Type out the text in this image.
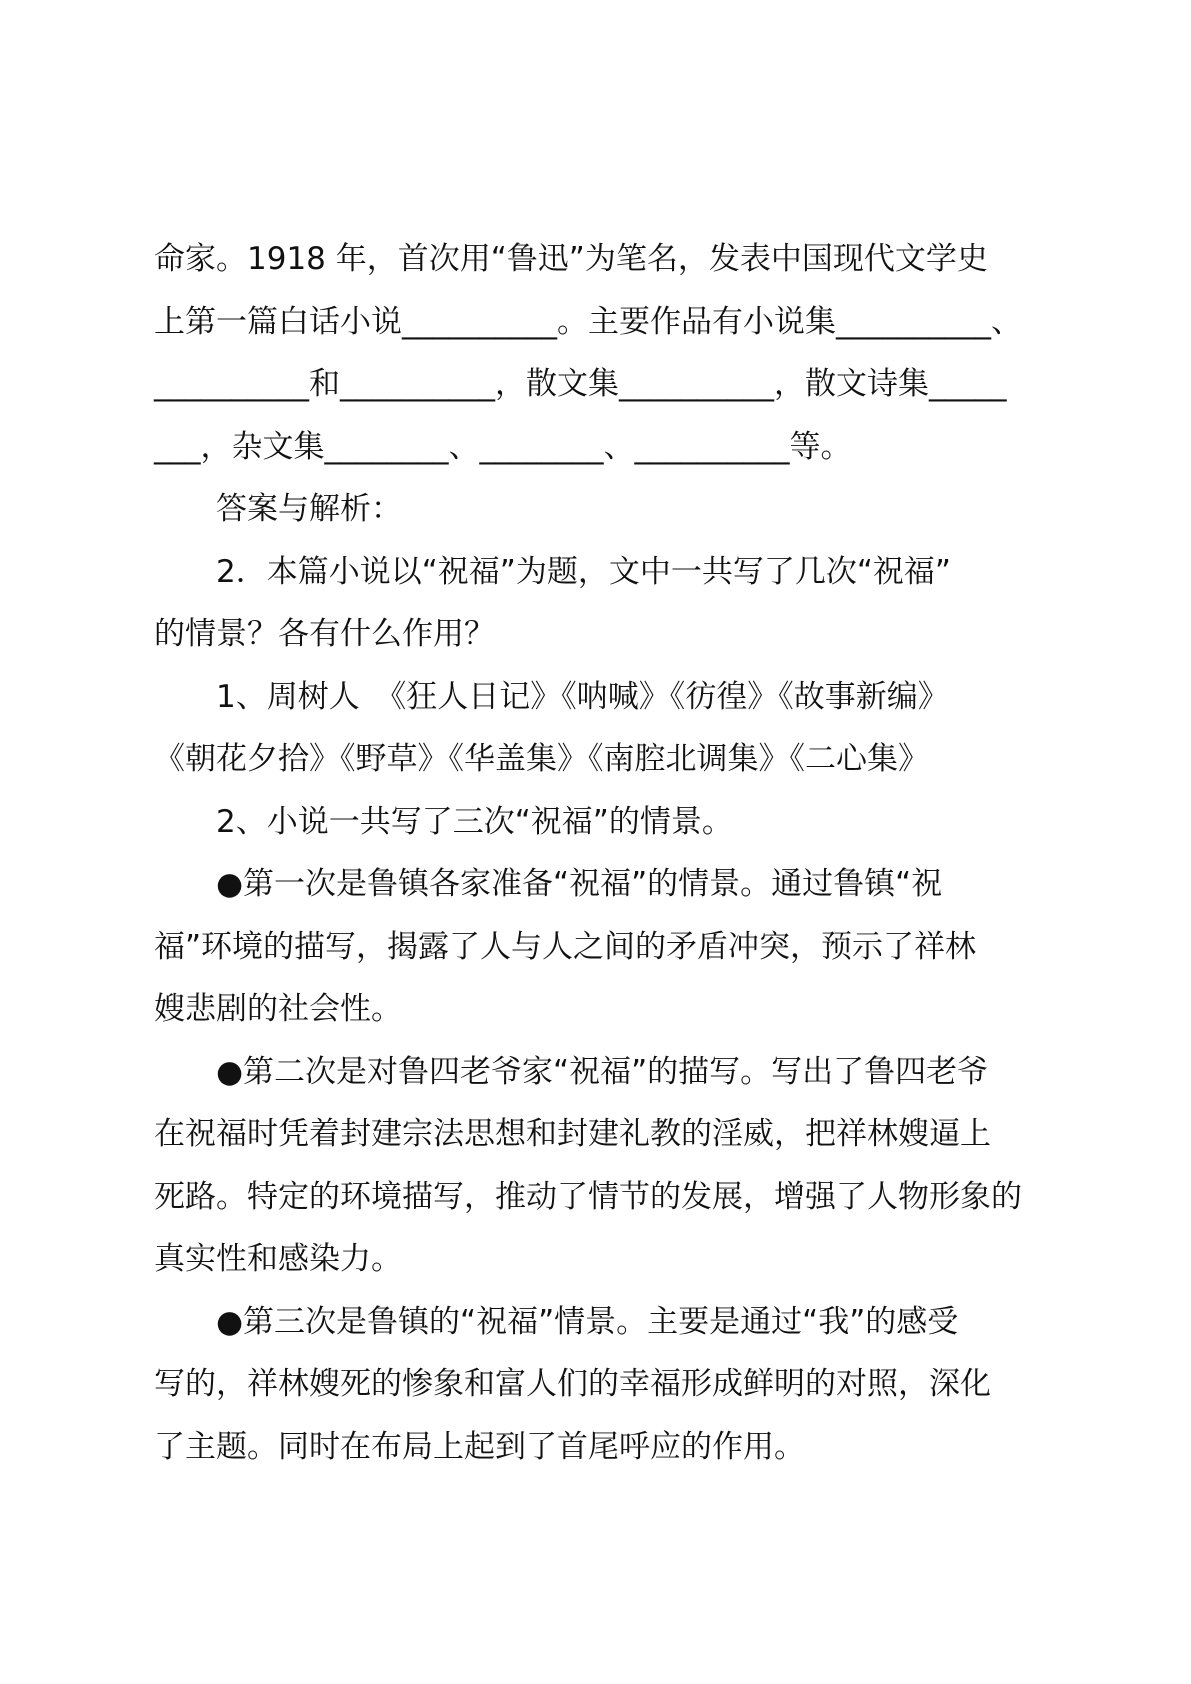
命家。1918 年，首次用“鲁迅”为笔名，发表中国现代文学史
上第一篇白话小说__________。主要作品有小说集__________、
__________和__________，散文集__________，散文诗集_____
___，杂文集________、________、__________等。
答案与解析：
2．本篇小说以“祝福”为题，文中一共写了几次“祝福”
的情景？各有什么作用？
1、周树人　《狂人日记》《呐喊》《彷徨》《故事新编》
《朝花夕拾》《野草》《华盖集》《南腔北调集》《二心集》
2、小说一共写了三次“祝福”的情景。
●第一次是鲁镇各家准备“祝福”的情景。通过鲁镇“祝
福”环境的描写，揭露了人与人之间的矛盾冲突，预示了祥林
嫂悲剧的社会性。
●第二次是对鲁四老爷家“祝福”的描写。写出了鲁四老爷
在祝福时凭着封建宗法思想和封建礼教的淫威，把祥林嫂逼上
死路。特定的环境描写，推动了情节的发展，增强了人物形象的
真实性和感染力。
●第三次是鲁镇的“祝福”情景。主要是通过“我”的感受
写的，祥林嫂死的惨象和富人们的幸福形成鲜明的对照，深化
了主题。同时在布局上起到了首尾呼应的作用。
